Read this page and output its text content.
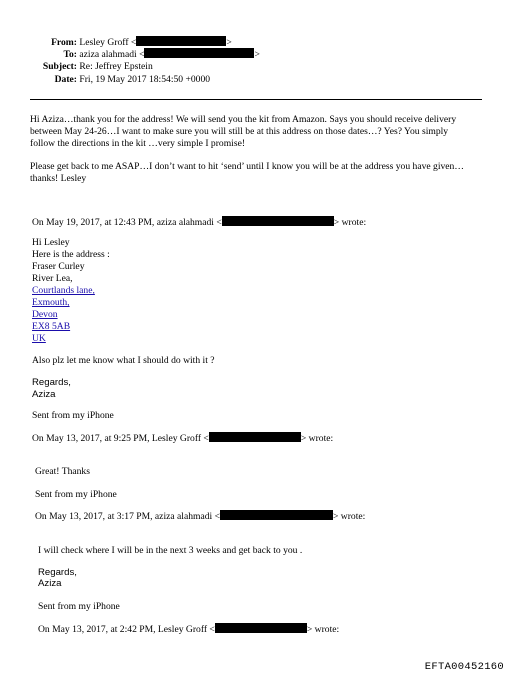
From: Lesley Groff <	>
To: aziza alahmadi <	>
Subject: Re: Jeffrey Epstein
Date: Fri, 19 May 2017 18:54:50 +0000
Hi Aziza…thank you for the address! We will send you the kit from Amazon. Says you should receive delivery
between May 24-26…I want to make sure you will still be at this address on those dates…? Yes? You simply
follow the directions in the kit …very simple I promise!
Please get back to me ASAP…I don’t want to hit ‘send’ until I know you will be at the address you have given…
thanks! Lesley
On May 19, 2017, at 12:43 PM, aziza alahmadi <	> wrote:
Hi Lesley
Here is the address :
Fraser Curley
River Lea,
Courtlands lane,
Exmouth,
Devon
EX8 5AB
UK
Also plz let me know what I should do with it ?
Regards,
Aziza
Sent from my iPhone
On May 13, 2017, at 9:25 PM, Lesley Groff <	> wrote:
Great! Thanks
Sent from my iPhone
On May 13, 2017, at 3:17 PM, aziza alahmadi <	> wrote:
I will check where I will be in the next 3 weeks and get back to you .
Regards,
Aziza
Sent from my iPhone
On May 13, 2017, at 2:42 PM, Lesley Groff <	> wrote:
EFTA00452160
